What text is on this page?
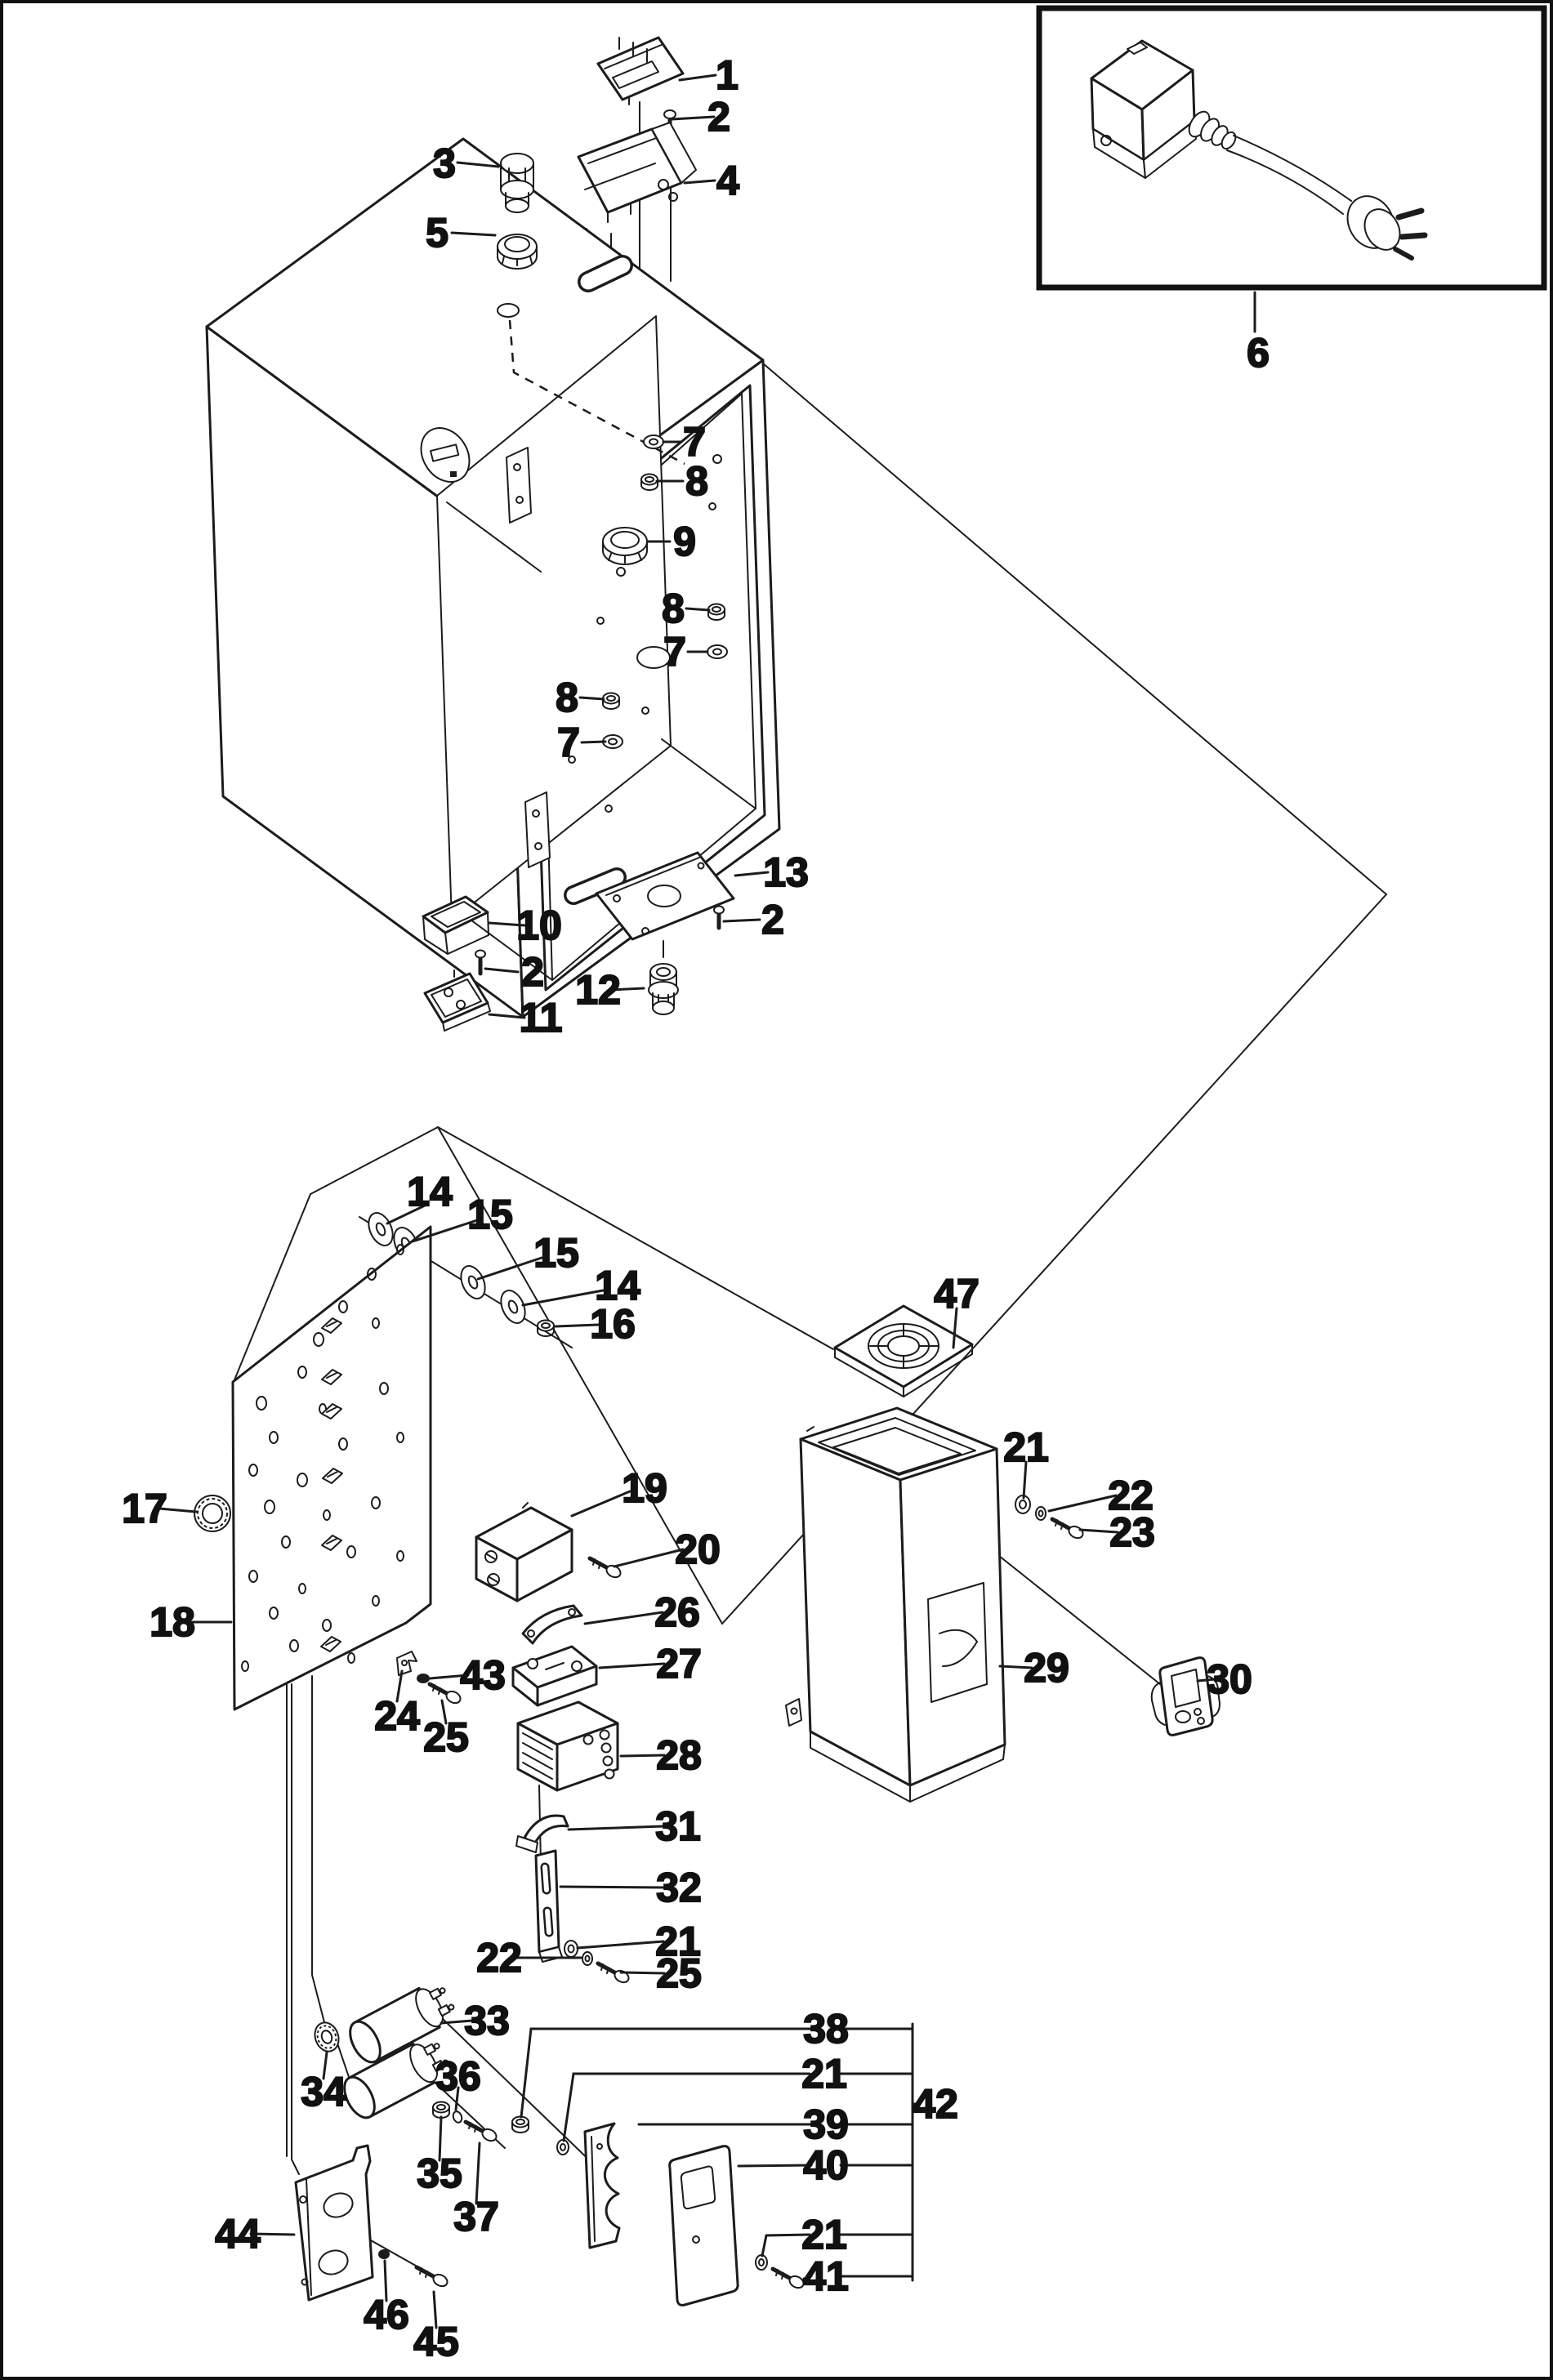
1
2
3	4
5
6
7
8
9
8
7
8
7
13
2
10
2 12
11
14 15
15
14
16
47
17
18
19
20
21
22
23
26
27
43
24 25	28
29	30
31
32
21
22	25
33
34 36
35
37
38
21
42
39
40
21
41
44
46
45
